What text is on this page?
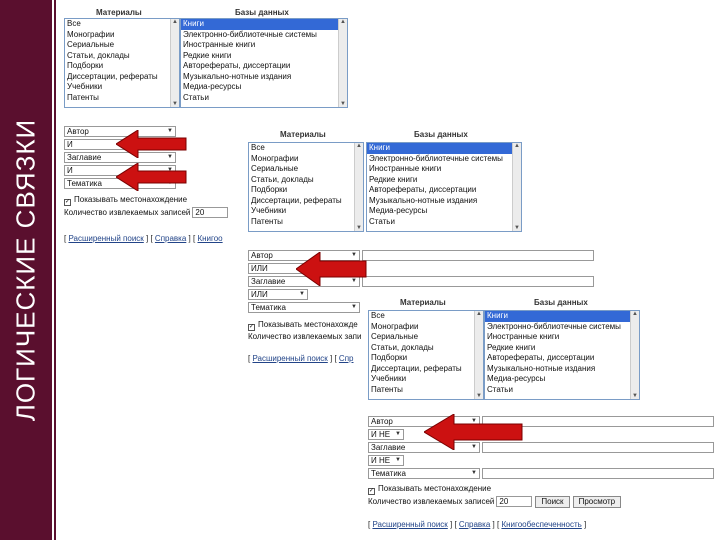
ЛОГИЧЕСКИЕ СВЯЗКИ
Материалы	Базы данных
Все
Монографии
Сериальные
Статьи, доклады
Подборки
Диссертации, рефераты
Учебники
Патенты
▲ ▼
Книги
Электронно-библиотечные системы
Иностранные книги
Редкие книги
Авторефераты, диссертации
Музыкально-нотные издания
Медиа-ресурсы
Статьи
▲ ▼
Автор	▼
И
Заглавие	▼
И	▼
Тематика
✓ Показывать местонахождение
Количество извлекаемых записей 20
[ Расширенный поиск ] [ Справка ] [ Книгоо
Материалы	Базы данных
Все
Монографии
Сериальные
Статьи, доклады
Подборки
Диссертации, рефераты
Учебники
Патенты
▲ ▼
Книги
Электронно-библиотечные системы
Иностранные книги
Редкие книги
Авторефераты, диссертации
Музыкально-нотные издания
Медиа-ресурсы
Статьи
▲ ▼
Автор	▼
ИЛИ
Заглавие	▼
ИЛИ	▼
Тематика	▼
✓ Показывать местонахожде
Количество извлекаемых запи
[ Расширенный поиск ] [ Спр
Материалы	Базы данных
Все
Монографии
Сериальные
Статьи, доклады
Подборки
Диссертации, рефераты
Учебники
Патенты
▲ ▼
Книги
Электронно-библиотечные системы
Иностранные книги
Редкие книги
Авторефераты, диссертации
Музыкально-нотные издания
Медиа-ресурсы
Статьи
▲ ▼
Автор	▼
И НЕ ▼
Заглавие	▼
И НЕ ▼
Тематика	▼
✓ Показывать местонахождение
Количество извлекаемых записей 20	Поиск Просмотр
[ Расширенный поиск ] [ Справка ] [ Книгообеспеченность ]
